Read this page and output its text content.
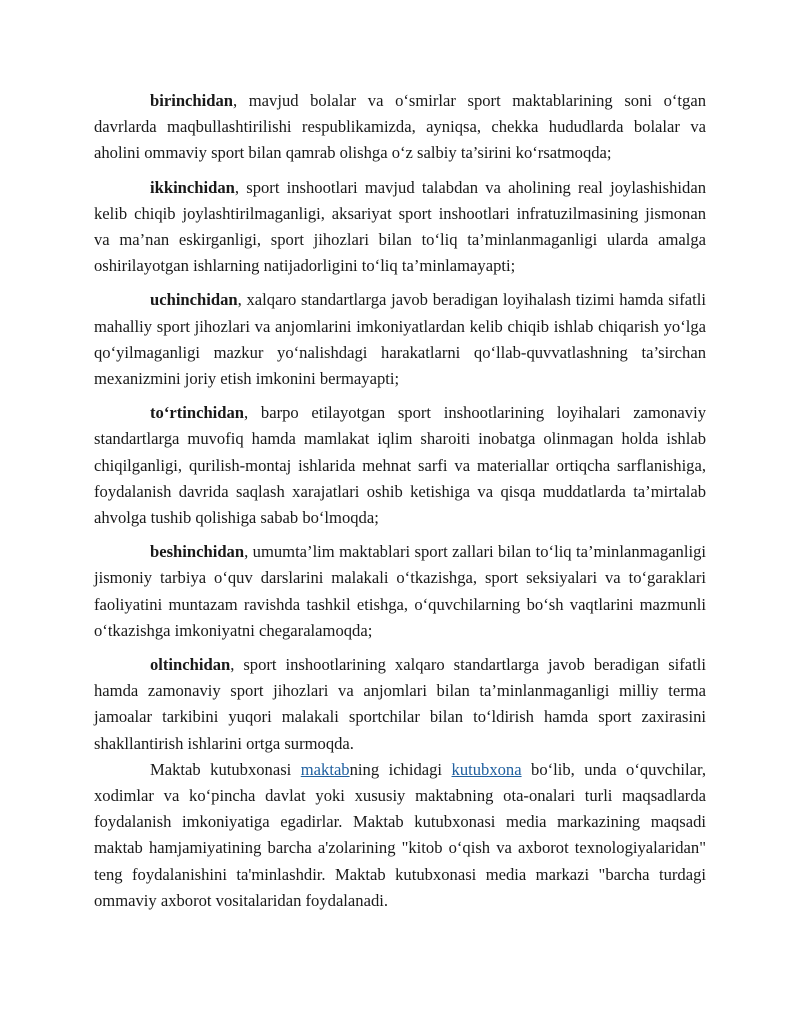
birinchidan, mavjud bolalar va o‘smirlar sport maktablarining soni o‘tgan davrlarda maqbullashtirilishi respublikamizda, ayniqsa, chekka hududlarda bolalar va aholini ommaviy sport bilan qamrab olishga o‘z salbiy ta’sirini ko‘rsatmoqda;

ikkinchidan, sport inshootlari mavjud talabdan va aholining real joylashishidan kelib chiqib joylashtirilmaganligi, aksariyat sport inshootlari infratuzilmasining jismonan va ma’nan eskirganligi, sport jihozlari bilan to‘liq ta’minlanmaganligi ularda amalga oshirilayotgan ishlarning natijadorligini to‘liq ta’minlamayapti;

uchinchidan, xalqaro standartlarga javob beradigan loyihalash tizimi hamda sifatli mahalliy sport jihozlari va anjomlarini imkoniyatlardan kelib chiqib ishlab chiqarish yo‘lga qo‘yilmaganligi mazkur yo‘nalishdagi harakatlarni qo‘llab-quvvatlashning ta’sirchan mexanizmini joriy etish imkonini bermayapti;

to‘rtinchidan, barpo etilayotgan sport inshootlarining loyihalari zamonaviy standartlarga muvofiq hamda mamlakat iqlim sharoiti inobatga olinmagan holda ishlab chiqilganligi, qurilish-montaj ishlarida mehnat sarfi va materiallar ortiqcha sarflanishiga, foydalanish davrida saqlash xarajatlari oshib ketishiga va qisqa muddatlarda ta’mirtalab ahvolga tushib qolishiga sabab bo‘lmoqda;

beshinchidan, umumta’lim maktablari sport zallari bilan to‘liq ta’minlanmaganligi jismoniy tarbiya o‘quv darslarini malakali o‘tkazishga, sport seksiyalari va to‘garaklari faoliyatini muntazam ravishda tashkil etishga, o‘quvchilarning bo‘sh vaqtlarini mazmunli o‘tkazishga imkoniyatni chegaralamoqda;

oltinchidan, sport inshootlarining xalqaro standartlarga javob beradigan sifatli hamda zamonaviy sport jihozlari va anjomlari bilan ta’minlanmaganligi milliy terma jamoalar tarkibini yuqori malakali sportchilar bilan to‘ldirish hamda sport zaxirasini shakllantirish ishlarini ortga surmoqda.

Maktab kutubxonasi maktabning ichidagi kutubxona bo‘lib, unda o‘quvchilar, xodimlar va ko‘pincha davlat yoki xususiy maktabning ota-onalari turli maqsadlarda foydalanish imkoniyatiga egadirlar. Maktab kutubxonasi media markazining maqsadi maktab hamjamiyatining barcha a'zolarining "kitob o‘qish va axborot texnologiyalaridan" teng foydalanishini ta'minlashdir. Maktab kutubxonasi media markazi "barcha turdagi ommaviy axborot vositalaridan foydalanadi.
